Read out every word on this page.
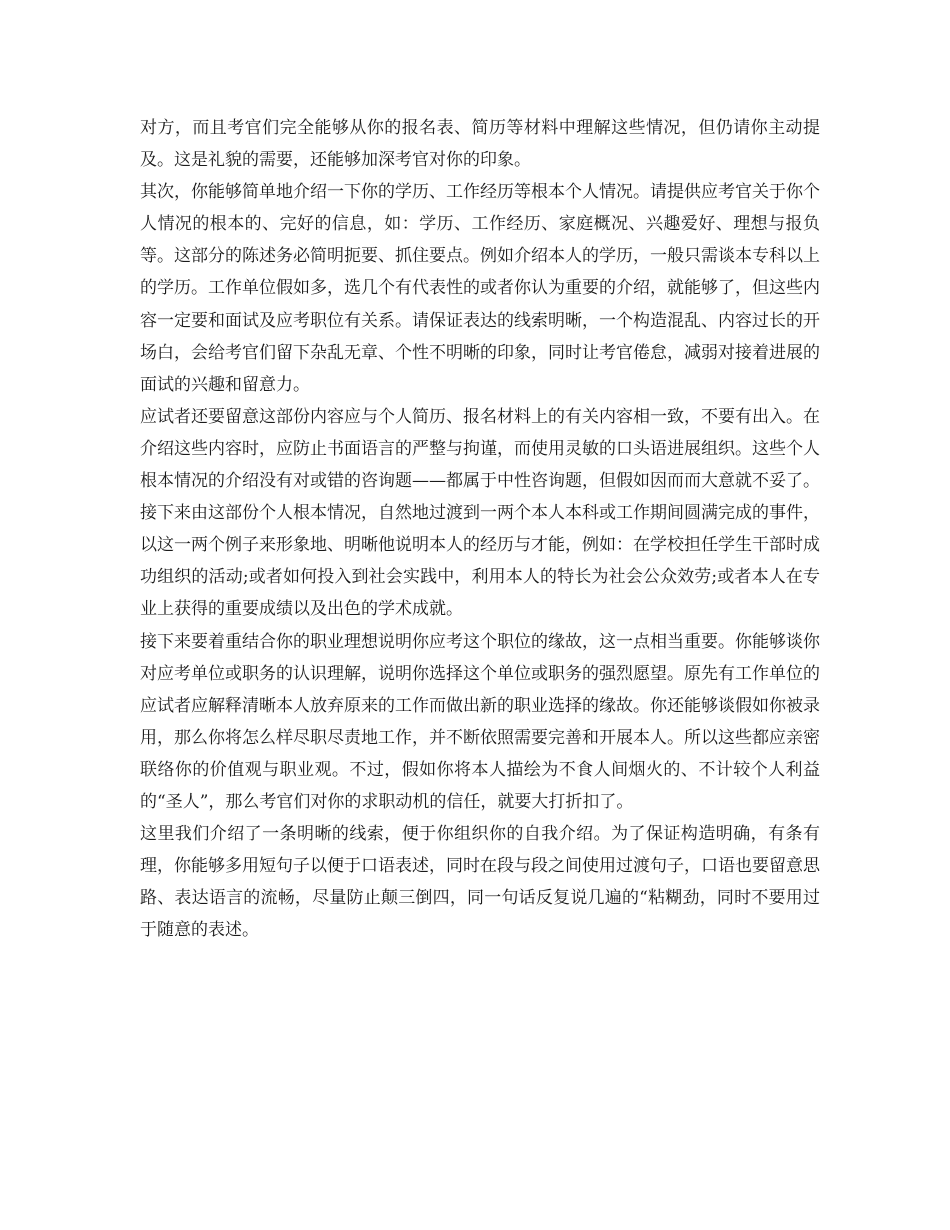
对方，而且考官们完全能够从你的报名表、简历等材料中理解这些情况，但仍请你主动提及。这是礼貌的需要，还能够加深考官对你的印象。

其次，你能够简单地介绍一下你的学历、工作经历等根本个人情况。请提供应考官关于你个人情况的根本的、完好的信息，如：学历、工作经历、家庭概况、兴趣爱好、理想与报负等。这部分的陈述务必简明扼要、抓住要点。例如介绍本人的学历，一般只需谈本专科以上的学历。工作单位假如多，选几个有代表性的或者你认为重要的介绍，就能够了，但这些内容一定要和面试及应考职位有关系。请保证表达的线索明晰，一个构造混乱、内容过长的开场白，会给考官们留下杂乱无章、个性不明晰的印象，同时让考官倦怠，减弱对接着进展的面试的兴趣和留意力。

应试者还要留意这部份内容应与个人简历、报名材料上的有关内容相一致，不要有出入。在介绍这些内容时，应防止书面语言的严整与拘谨，而使用灵敏的口头语进展组织。这些个人根本情况的介绍没有对或错的咨询题——都属于中性咨询题，但假如因而而大意就不妥了。

接下来由这部份个人根本情况，自然地过渡到一两个本人本科或工作期间圆满完成的事件，以这一两个例子来形象地、明晰他说明本人的经历与才能，例如：在学校担任学生干部时成功组织的活动;或者如何投入到社会实践中，利用本人的特长为社会公众效劳;或者本人在专业上获得的重要成绩以及出色的学术成就。

接下来要着重结合你的职业理想说明你应考这个职位的缘故，这一点相当重要。你能够谈你对应考单位或职务的认识理解，说明你选择这个单位或职务的强烈愿望。原先有工作单位的应试者应解释清晰本人放弃原来的工作而做出新的职业选择的缘故。你还能够谈假如你被录用，那么你将怎么样尽职尽责地工作，并不断依照需要完善和开展本人。所以这些都应亲密联络你的价值观与职业观。不过，假如你将本人描绘为不食人间烟火的、不计较个人利益的“圣人”，那么考官们对你的求职动机的信任，就要大打折扣了。

这里我们介绍了一条明晰的线索，便于你组织你的自我介绍。为了保证构造明确，有条有理，你能够多用短句子以便于口语表述，同时在段与段之间使用过渡句子，口语也要留意思路、表达语言的流畅，尽量防止颠三倒四，同一句话反复说几遍的“粘糊劲，同时不要用过于随意的表述。
